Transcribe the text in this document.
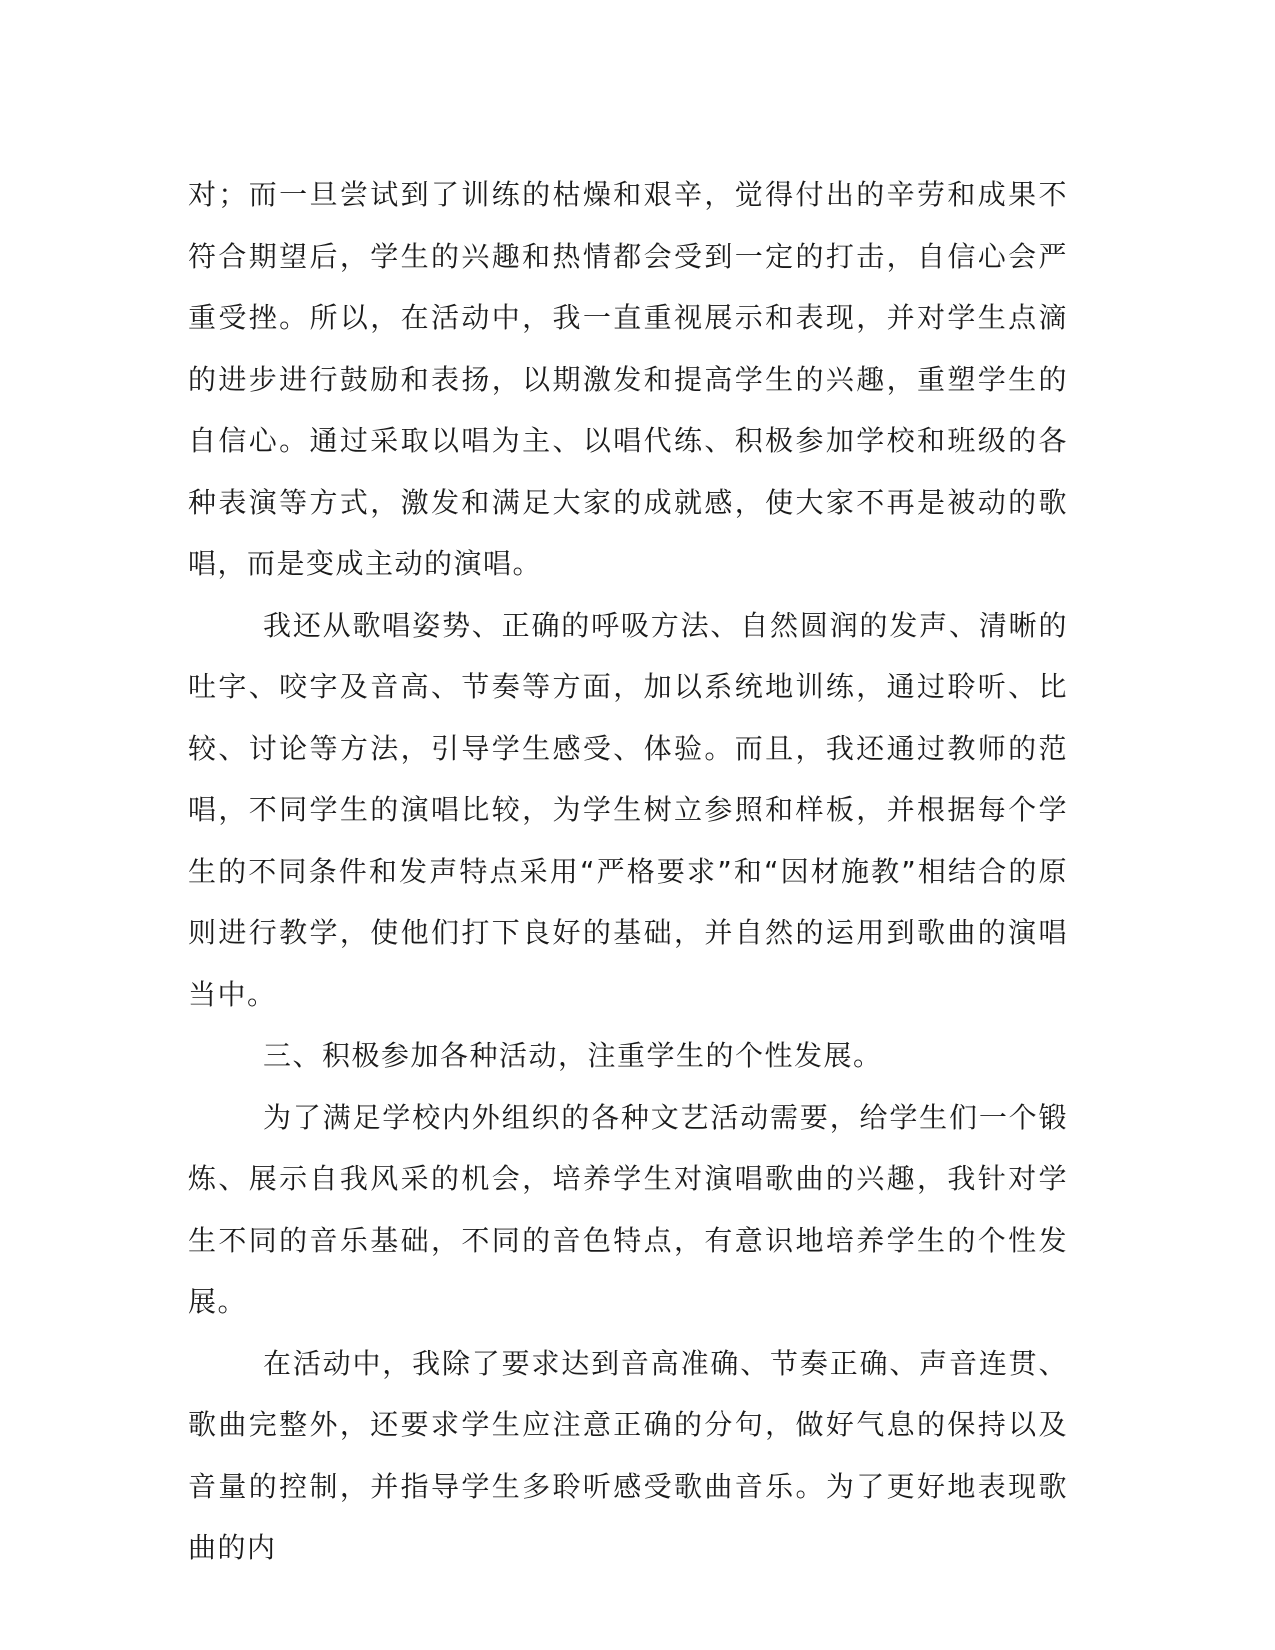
对；而一旦尝试到了训练的枯燥和艰辛，觉得付出的辛劳和成果不符合期望后，学生的兴趣和热情都会受到一定的打击，自信心会严重受挫。所以，在活动中，我一直重视展示和表现，并对学生点滴的进步进行鼓励和表扬，以期激发和提高学生的兴趣，重塑学生的自信心。通过采取以唱为主、以唱代练、积极参加学校和班级的各种表演等方式，激发和满足大家的成就感，使大家不再是被动的歌唱，而是变成主动的演唱。

我还从歌唱姿势、正确的呼吸方法、自然圆润的发声、清晰的吐字、咬字及音高、节奏等方面，加以系统地训练，通过聆听、比较、讨论等方法，引导学生感受、体验。而且，我还通过教师的范唱，不同学生的演唱比较，为学生树立参照和样板，并根据每个学生的不同条件和发声特点采用“严格要求”和“因材施教”相结合的原则进行教学，使他们打下良好的基础，并自然的运用到歌曲的演唱当中。

三、积极参加各种活动，注重学生的个性发展。

为了满足学校内外组织的各种文艺活动需要，给学生们一个锻炼、展示自我风采的机会，培养学生对演唱歌曲的兴趣，我针对学生不同的音乐基础，不同的音色特点，有意识地培养学生的个性发展。

在活动中，我除了要求达到音高准确、节奏正确、声音连贯、歌曲完整外，还要求学生应注意正确的分句，做好气息的保持以及音量的控制，并指导学生多聆听感受歌曲音乐。为了更好地表现歌曲的内
